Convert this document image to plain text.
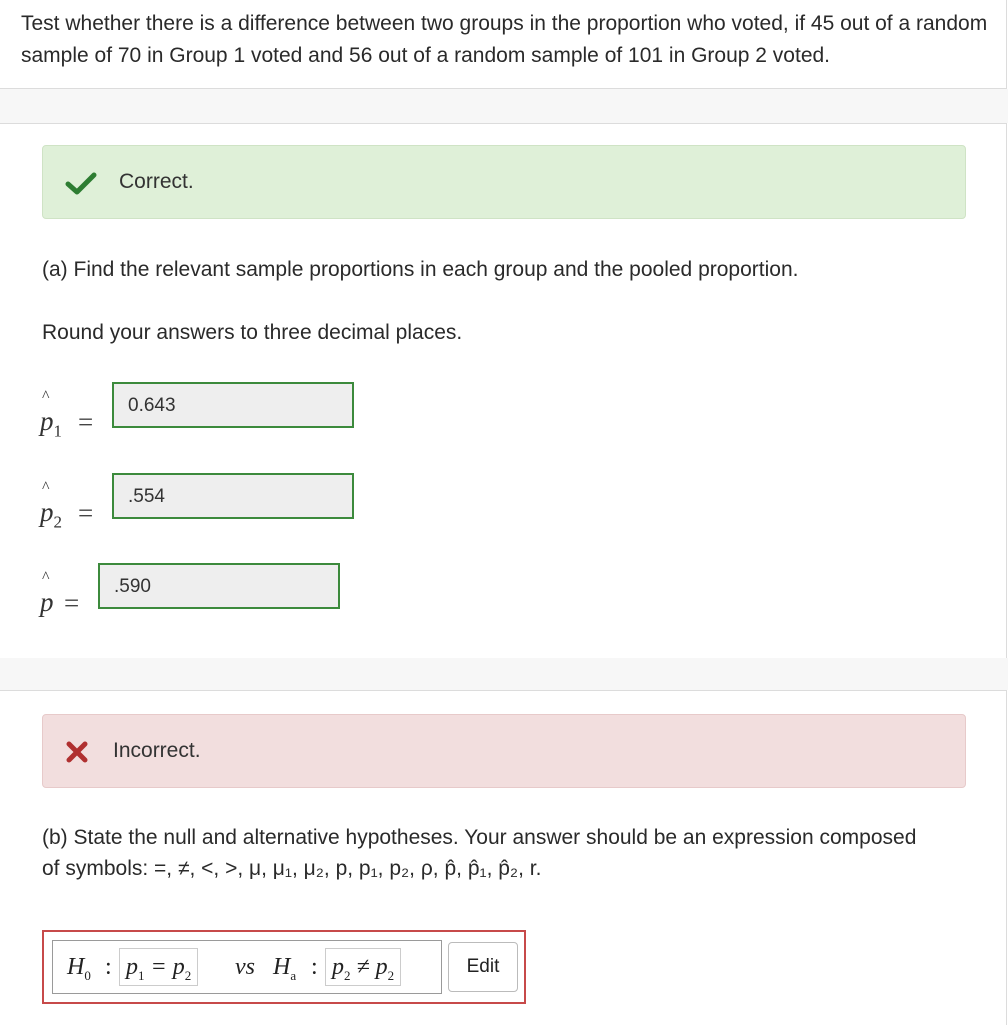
Test whether there is a difference between two groups in the proportion who voted, if 45 out of a random sample of 70 in Group 1 voted and 56 out of a random sample of 101 in Group 2 voted.

Correct.
(a) Find the relevant sample proportions in each group and the pooled proportion.
Round your answers to three decimal places.
^
$p_1$ =
0.643
^
$p_2$ =
.554
^
p =
.590
Incorrect.
(b) State the null and alternative hypotheses. Your answer should be an expression composed
of symbols: =, ≠, <, >, μ, μ₁, μ₂, p, p₁, p₂, ρ, p̂, p̂₁, p̂₂, r.
$H_0$ : $p_1 = p_2$ vs $H_a$ : $p_2 \ne p_2$	Edit
